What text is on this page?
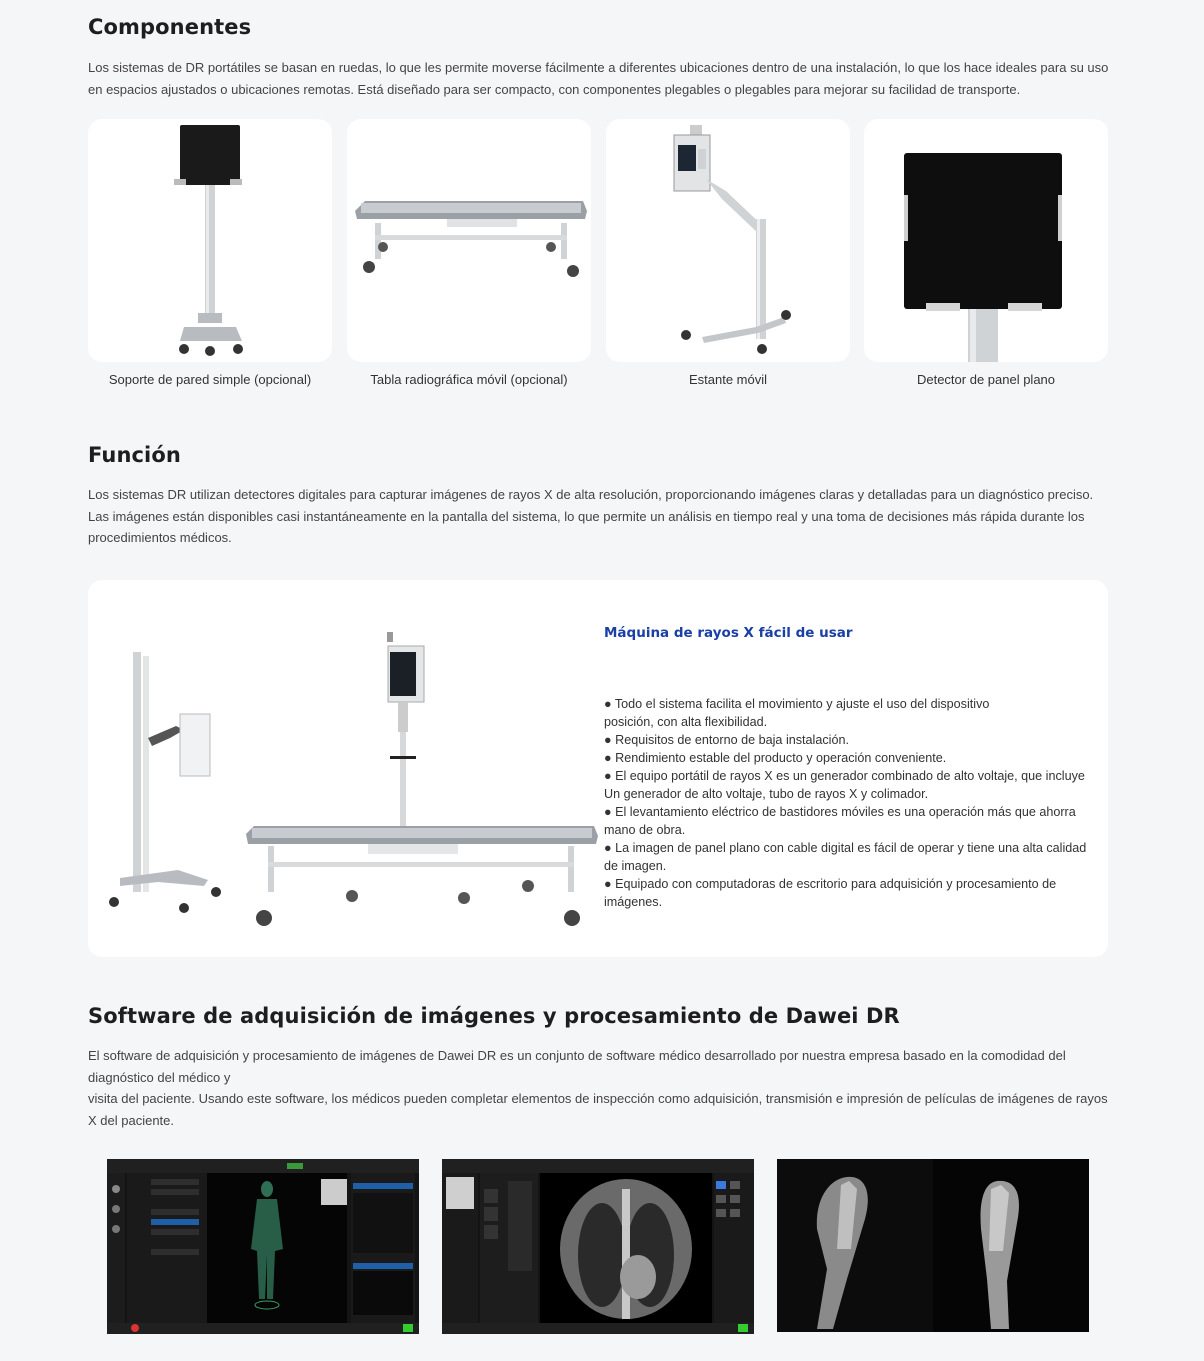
Componentes

Los sistemas de DR portátiles se basan en ruedas, lo que les permite moverse fácilmente a diferentes ubicaciones dentro de una instalación, lo que los hace ideales para su uso en espacios ajustados o ubicaciones remotas. Está diseñado para ser compacto, con componentes plegables o plegables para mejorar su facilidad de transporte.

Soporte de pared simple (opcional)	Tabla radiográfica móvil (opcional)	Estante móvil	Detector de panel plano
Función

Los sistemas DR utilizan detectores digitales para capturar imágenes de rayos X de alta resolución, proporcionando imágenes claras y detalladas para un diagnóstico preciso. Las imágenes están disponibles casi instantáneamente en la pantalla del sistema, lo que permite un análisis en tiempo real y una toma de decisiones más rápida durante los procedimientos médicos.

Máquina de rayos X fácil de usar
● Todo el sistema facilita el movimiento y ajuste el uso del dispositivo
posición, con alta flexibilidad.
● Requisitos de entorno de baja instalación.
● Rendimiento estable del producto y operación conveniente.
● El equipo portátil de rayos X es un generador combinado de alto voltaje, que incluye
Un generador de alto voltaje, tubo de rayos X y colimador.
● El levantamiento eléctrico de bastidores móviles es una operación más que ahorra
mano de obra.
● La imagen de panel plano con cable digital es fácil de operar y tiene una alta calidad
de imagen.
● Equipado con computadoras de escritorio para adquisición y procesamiento de
imágenes.
Software de adquisición de imágenes y procesamiento de Dawei DR

El software de adquisición y procesamiento de imágenes de Dawei DR es un conjunto de software médico desarrollado por nuestra empresa basado en la comodidad del diagnóstico del médico y
visita del paciente. Usando este software, los médicos pueden completar elementos de inspección como adquisición, transmisión e impresión de películas de imágenes de rayos X del paciente.
